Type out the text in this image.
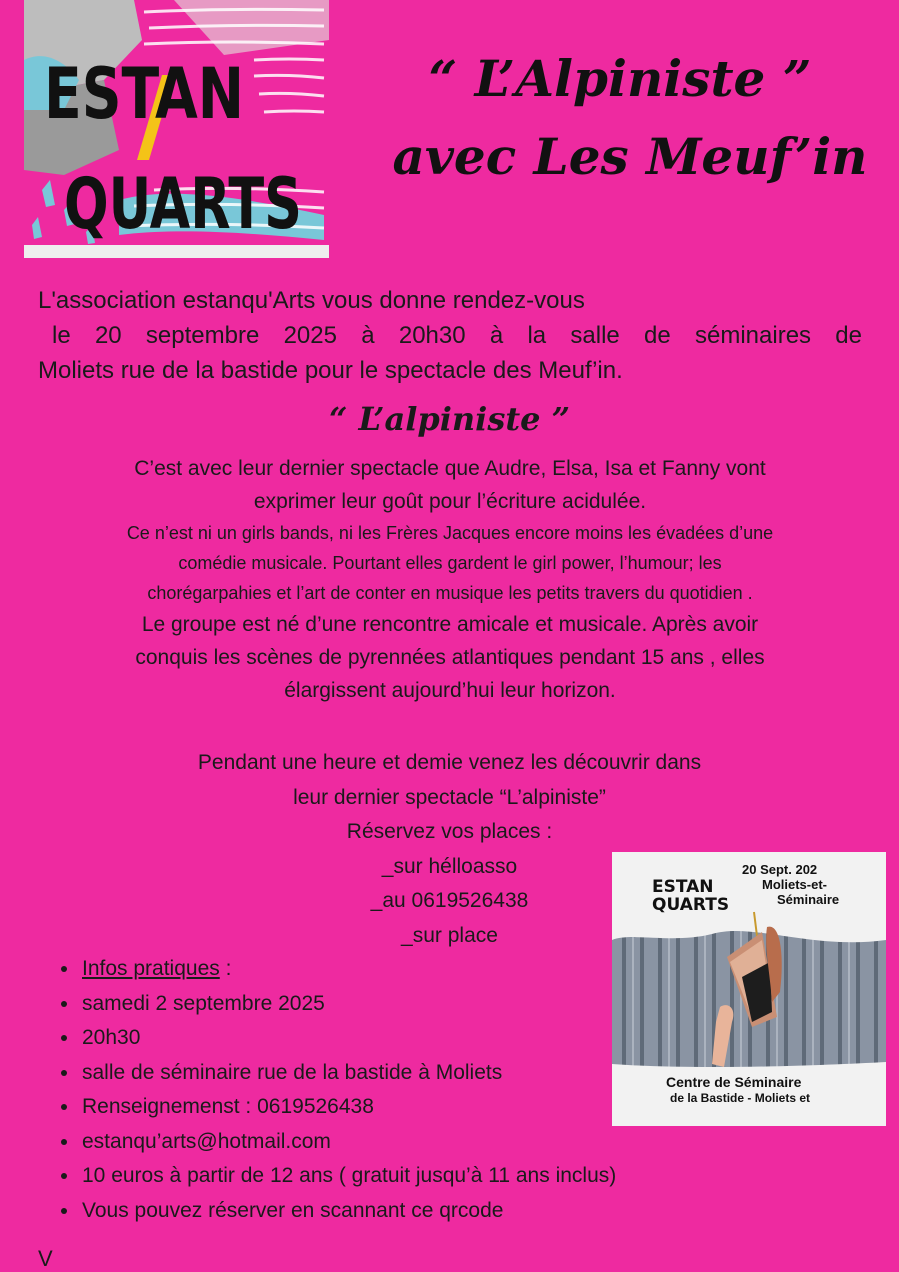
ESTAN
QUARTS
“ L’Alpiniste ”
avec Les Meuf’in
L'association estanqu'Arts vous donne rendez-vous
le 20 septembre 2025 à 20h30 à la salle de séminaires de
Moliets rue de la bastide pour le spectacle des Meuf’in.
“ L’alpiniste ”
C’est avec leur dernier spectacle que Audre, Elsa, Isa et Fanny vont
exprimer leur goût pour l’écriture acidulée.
Ce n’est ni un girls bands, ni les Frères Jacques encore moins les évadées d’une
comédie musicale. Pourtant elles gardent le girl power, l’humour; les
chorégarpahies et l’art de conter en musique les petits travers du quotidien .
Le groupe est né d’une rencontre amicale et musicale. Après avoir
conquis les scènes de pyrennées atlantiques pendant 15 ans , elles
élargissent aujourd’hui leur horizon.
Pendant une heure et demie venez les découvrir dans
leur dernier spectacle “L’alpiniste”
Réservez vos places :
_sur hélloasso
_au 0619526438
_sur place
• Infos pratiques :
• samedi 2 septembre 2025
• 20h30
• salle de séminaire rue de la bastide à Moliets
• Renseignemenst : 0619526438
• estanqu’arts@hotmail.com
• 10 euros à partir de 12 ans ( gratuit jusqu’à 11 ans inclus)
• Vous pouvez réserver en scannant ce qrcode
ESTAN
QUARTS
20 Sept. 202
Moliets-et-
Séminaire
Centre de Séminaire
de la Bastide - Moliets et
V
